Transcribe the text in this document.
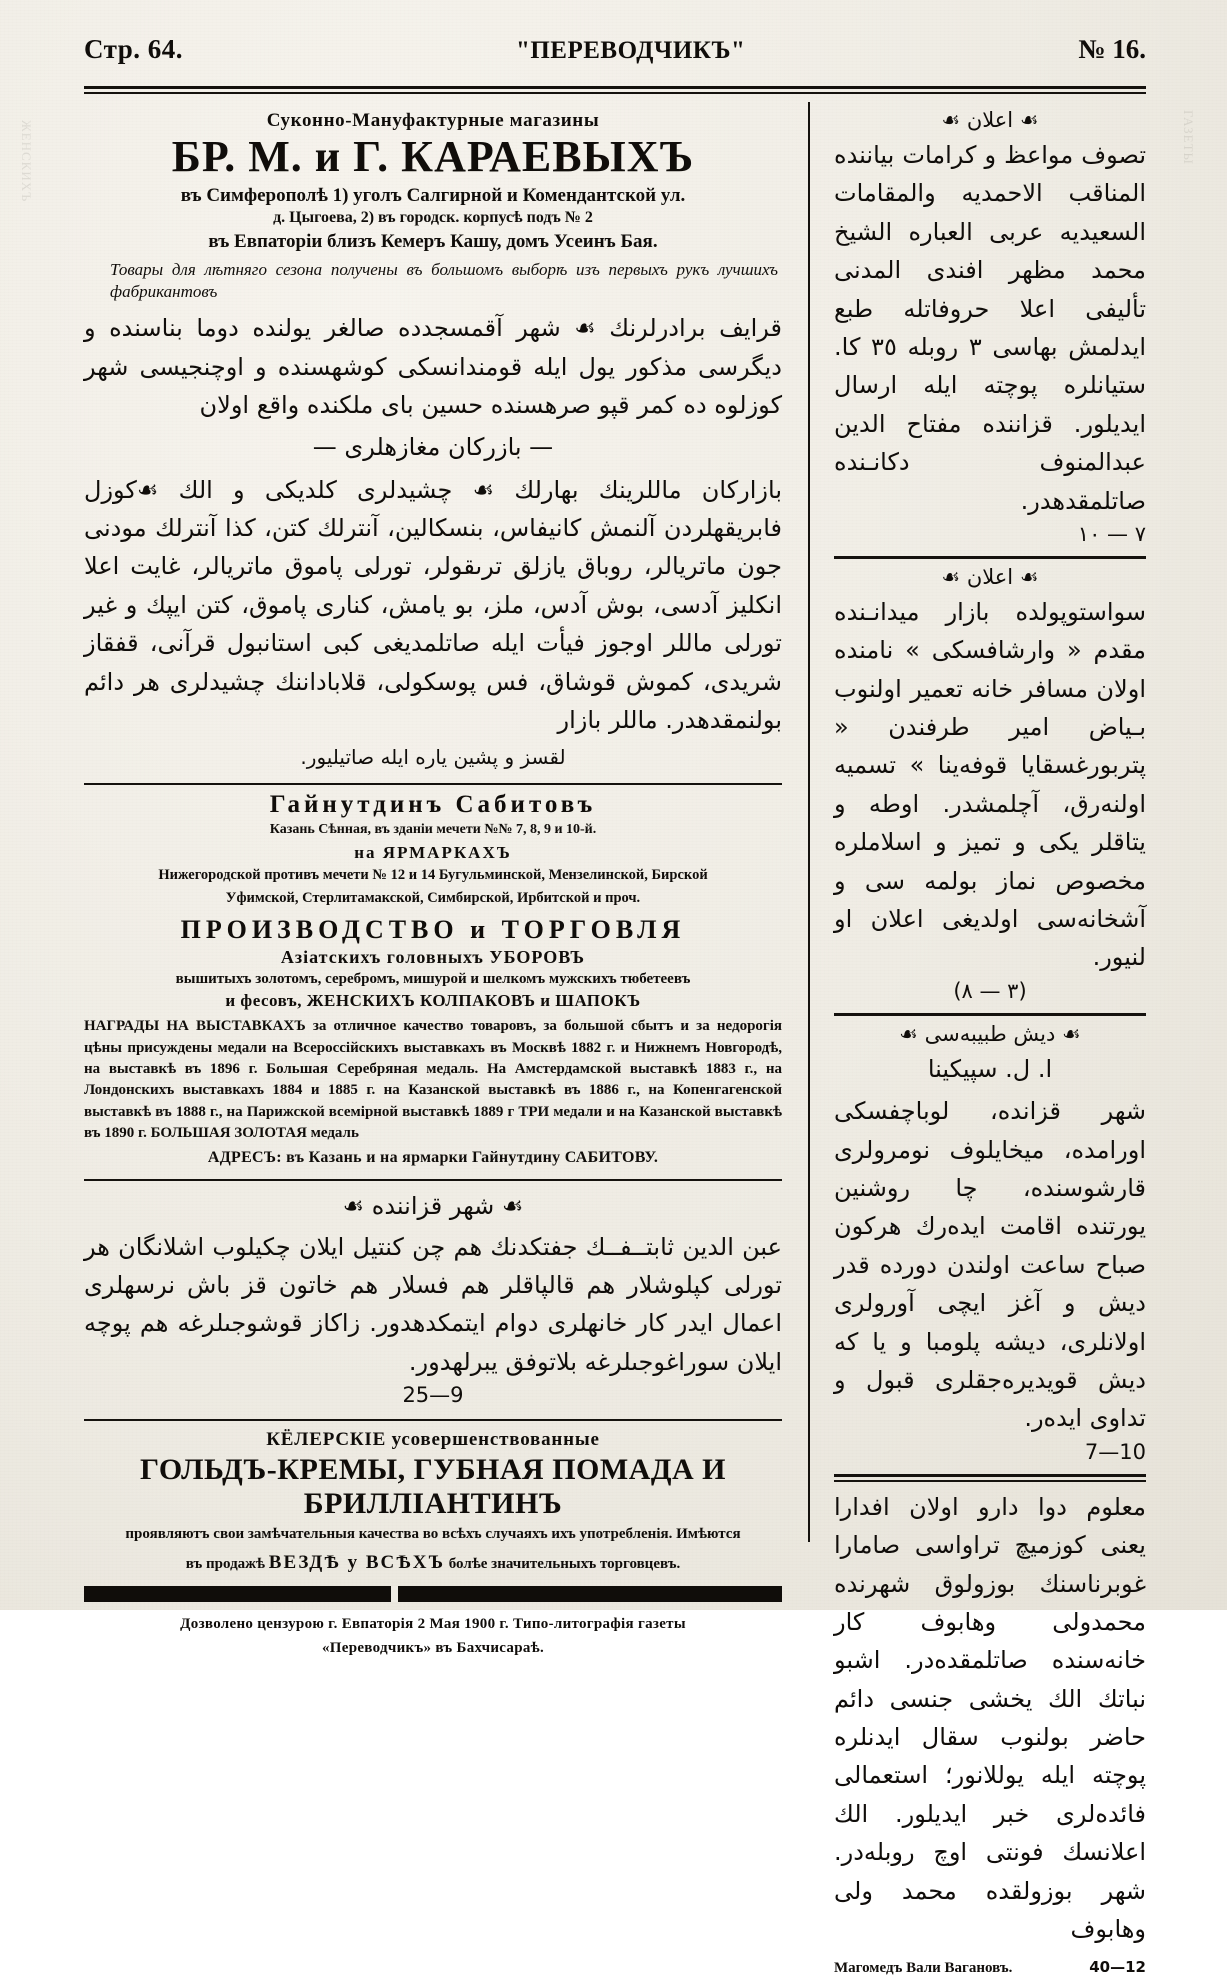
ЖЕНСКИХЪ	ГАЗЕТЫ
Стр. 64.	"ПЕРЕВОДЧИКЪ"	№ 16.
Суконно-Мануфактурные магазины
БР. М. и Г. КАРАЕВЫХЪ
въ Симферополѣ 1) уголъ Салгирной и Комендантской ул.
д. Цыгоева, 2) въ городск. корпусѣ подъ № 2
въ Евпаторіи близъ Кемеръ Кашу, домъ Усеинъ Бая.
Товары для лѣтняго сезона получены въ большомъ выборѣ изъ первыхъ рукъ лучшихъ фабрикантовъ
قرايف برادرلرنك ☙ شهر آقمسجدده صالغر يولنده دوما بناسنده و ديگرسى مذكور يول ايله قومندانسكى كوشهسنده و اوچنجيسى شهر كوزلوه ده كمر قپو صرهسنده حسين باى ملكنده واقع اولان
— بازركان مغازهلرى —
بازاركان ماللرينك بهارلك ☙ چشيدلرى كلديكى و الك ☙كوزل فابريقهلردن آلنمش كانيفاس، بنسكالين، آنترلك كتن، كذا آنترلك مودنى جون ماتريالر، روباق يازلق ترىقولر، تورلى پاموق ماتريالر، غايت اعلا انكليز آدسى، بوش آدس، ملز، بو يامش، كنارى پاموق، كتن ايپك و غير تورلى ماللر اوجوز فيأت ايله صاتلمديغى كبى استانبول قرآنى، قفقاز شريدى، كموش قوشاق، فس پوسكولى، قلاباداننك چشيدلرى هر دائم بولنمقدهدر. ماللر بازار
لقسز و پشين يارە ايله صاتيليور.
Гайнутдинъ Сабитовъ
Казань Сѣнная, въ зданіи мечети №№ 7, 8, 9 и 10-й.
на ЯРМАРКАХЪ
Нижегородской противъ мечети № 12 и 14 Бугульминской, Мензелинской, Бирской
Уфимской, Стерлитамакской, Симбирской, Ирбитской и проч.
ПРОИЗВОДСТВО и ТОРГОВЛЯ
Азіатскихъ головныхъ УБОРОВЪ
вышитыхъ золотомъ, серебромъ, мишурой и шелкомъ мужскихъ тюбетеевъ
и фесовъ, ЖЕНСКИХЪ КОЛПАКОВЪ и ШАПОКЪ
НАГРАДЫ НА ВЫСТАВКАХЪ за отличное качество товаровъ, за большой сбытъ и за недорогія цѣны присуждены медали на Всероссійскихъ выставкахъ въ Москвѣ 1882 г. и Нижнемъ Новгородѣ, на выставкѣ въ 1896 г. Большая Серебряная медаль. На Амстердамской выставкѣ 1883 г., на Лондонскихъ выставкахъ 1884 и 1885 г. на Казанской выставкѣ въ 1886 г., на Копенгагенской выставкѣ въ 1888 г., на Парижской всемірной выставкѣ 1889 г ТРИ медали и на Казанской выставкѣ въ 1890 г. БОЛЬШАЯ ЗОЛОТАЯ медаль
АДРЕСЪ: въ Казань и на ярмарки Гайнутдину САБИТОВУ.
☙ شهر قزاننده ☙
عبن الدين ثابتــفــك جفتكدنك هم چن كنتيل ايلان چكيلوب اشلانگان هر تورلى كپلوشلار هم قالپاقلر هم فسلار هم خاتون قز باش نرسهلرى اعمال ايدر كار خانهلرى دوام ايتمكدهدور. زاكاز قوشوجىلرغه هم پوچه ايلان سوراغوجىلرغه بلاتوفق يبرلهدور.
9—25
КЁЛЕРСКІЕ усовершенствованные
ГОЛЬДЪ-КРЕМЫ, ГУБНАЯ ПОМАДА И БРИЛЛІАНТИНЪ
проявляютъ свои замѣчательныя качества во всѣхъ случаяхъ ихъ употребленія. Имѣются
въ продажѣ ВЕЗДѢ у ВСѢХЪ болѣе значительныхъ торговцевъ.
Дозволено цензурою г. Евпаторія 2 Мая 1900 г. Типо-литографія газеты
«Переводчикъ» въ Бахчисараѣ.
☙ اعلان ☙
تصوف مواعظ و كرامات بياننده المناقب الاحمديه والمقامات السعيديه عربى العباره الشيخ محمد مظهر افندى المدنى تأليفى اعلا حروفاتله طبع ايدلمش بهاسى ٣ روبله ٣٥ كا. ستيانلرە پوچته ايله ارسال ايديلور. قزاننده مفتاح الدين عبدالمنوف دكانـنده صاتلمقدهدر.
٧ — ١٠
☙ اعلان ☙
سواستوپولده بازار ميدانـنده مقدم « وارشافسكى » نامنده اولان مسافر خانه تعمير اولنوب بـياض امير طرفندن « پتربورغسقايا قوفەينا » تسميه اولنەرق، آچلمشدر. اوطه و يتاقلر يكى و تميز و اسلاملره مخصوص نماز بولمه سى و آشخانەسى اولديغى اعلان او لنيور.
(٣ — ٨)
☙ ديش طبيبەسى ☙
ا. ل. سپيكينا
شهر قزانده، لوباچفسكى اورامده، ميخايلوف نومرولرى قارشوسنده، چا روشنين يورتنده اقامت ايدەرك هركون صباح ساعت اولندن دورده قدر ديش و آغز ايچى آورولرى اولانلرى، ديشە پلومبا و يا كه ديش قويديرەجقلرى قبول و تداوى ايدەر.
7—10
معلوم دوا دارو اولان افدارا يعنى كوزميچ تراواسى صامارا غوبرناسنك بوزولوق شهرنده محمدولى وهابوف كار خانەسنده صاتلمقدەدر. اشبو نباتك الك يخشى جنسى دائم حاضر بولنوب سقال ايدنلرە پوچته ايله يوللانور؛ استعمالى فائدەلرى خبر ايديلور. الك اعلانسك فونتى اوچ روبلەدر. شهر بوزولقده محمد ولى وهابوف
Магомедъ Вали Вагановъ.	40—12
